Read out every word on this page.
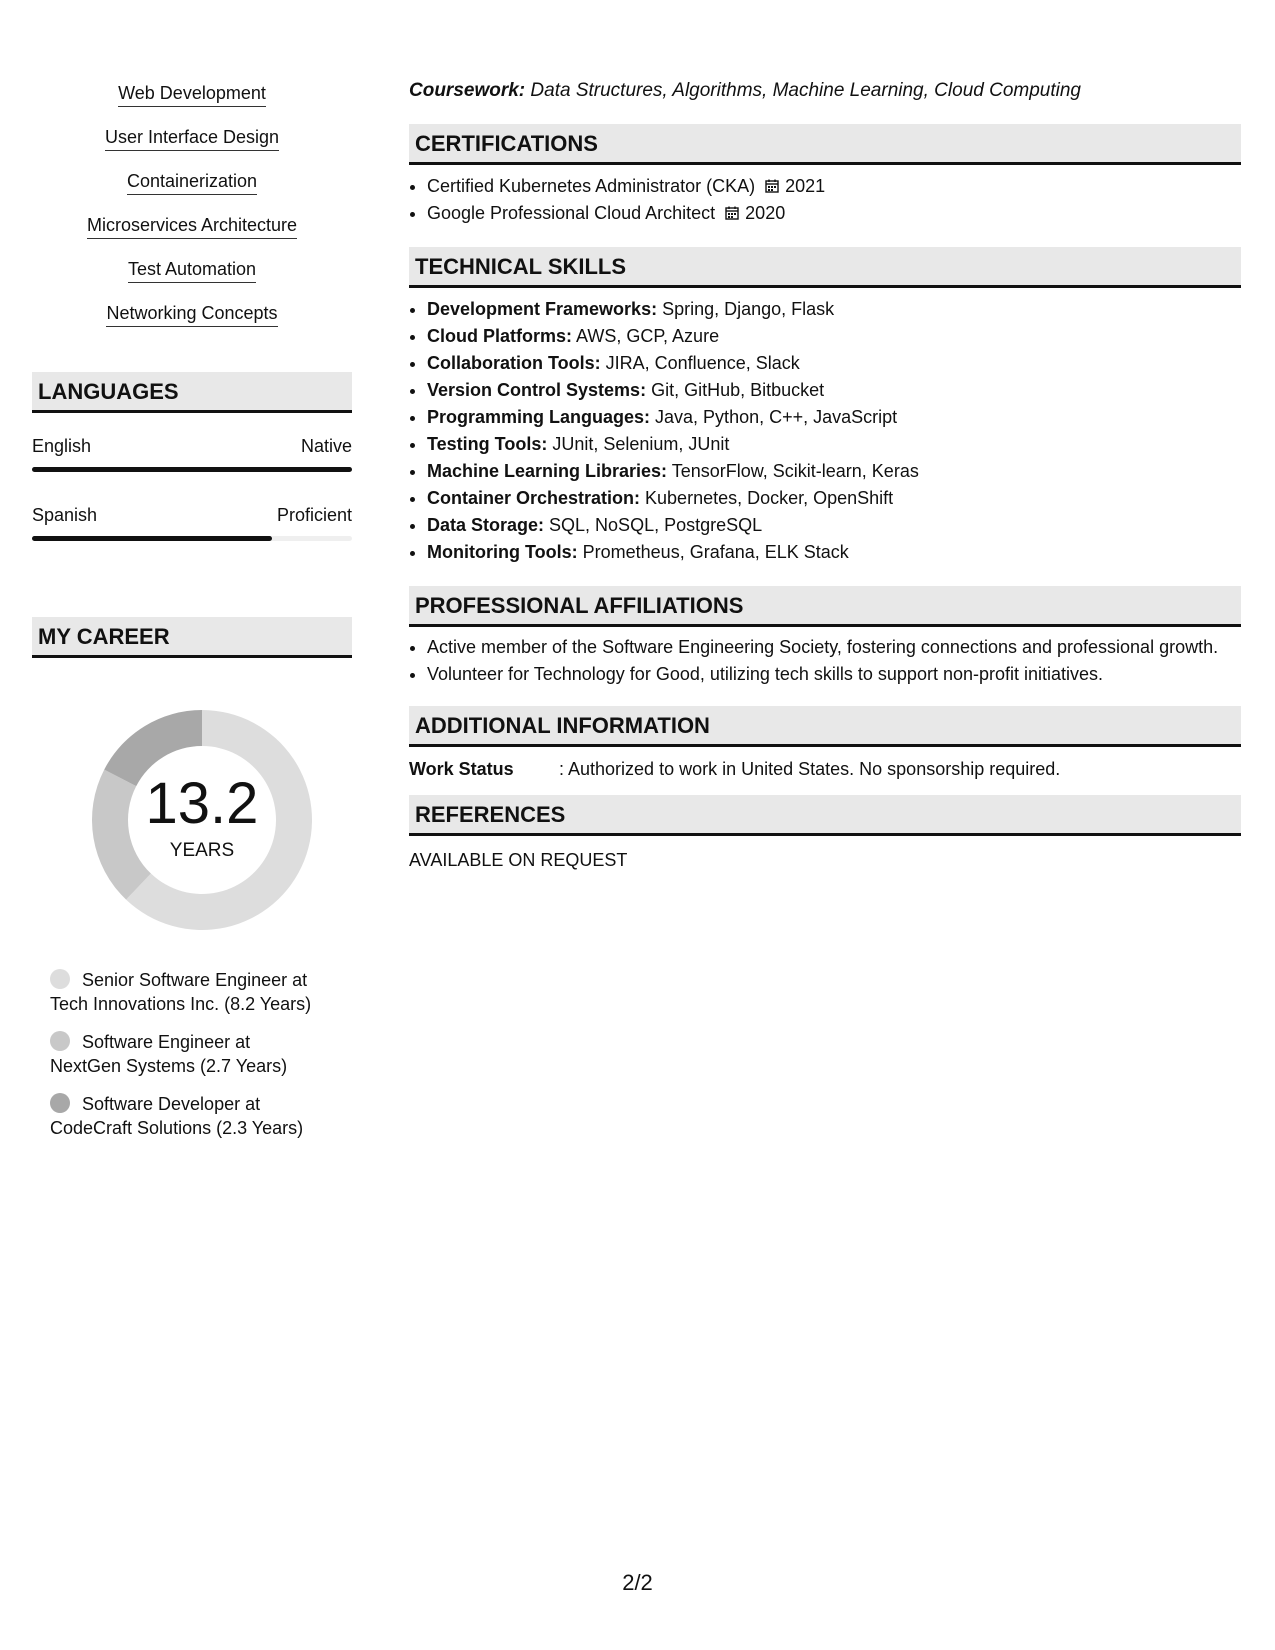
Web Development
User Interface Design
Containerization
Microservices Architecture
Test Automation
Networking Concepts
LANGUAGES
English	Native
Spanish	Proficient
MY CAREER
13.2
YEARS
Senior Software Engineer at
Tech Innovations Inc. (8.2 Years)
Software Engineer at
NextGen Systems (2.7 Years)
Software Developer at
CodeCraft Solutions (2.3 Years)
Coursework: Data Structures, Algorithms, Machine Learning, Cloud Computing
CERTIFICATIONS
• Certified Kubernetes Administrator (CKA) 2021
• Google Professional Cloud Architect 2020
TECHNICAL SKILLS
• Development Frameworks: Spring, Django, Flask
• Cloud Platforms: AWS, GCP, Azure
• Collaboration Tools: JIRA, Confluence, Slack
• Version Control Systems: Git, GitHub, Bitbucket
• Programming Languages: Java, Python, C++, JavaScript
• Testing Tools: JUnit, Selenium, JUnit
• Machine Learning Libraries: TensorFlow, Scikit-learn, Keras
• Container Orchestration: Kubernetes, Docker, OpenShift
• Data Storage: SQL, NoSQL, PostgreSQL
• Monitoring Tools: Prometheus, Grafana, ELK Stack
PROFESSIONAL AFFILIATIONS
• Active member of the Software Engineering Society, fostering connections and professional growth.
• Volunteer for Technology for Good, utilizing tech skills to support non-profit initiatives.
ADDITIONAL INFORMATION
Work Status	: Authorized to work in United States. No sponsorship required.
REFERENCES
AVAILABLE ON REQUEST
2/2
